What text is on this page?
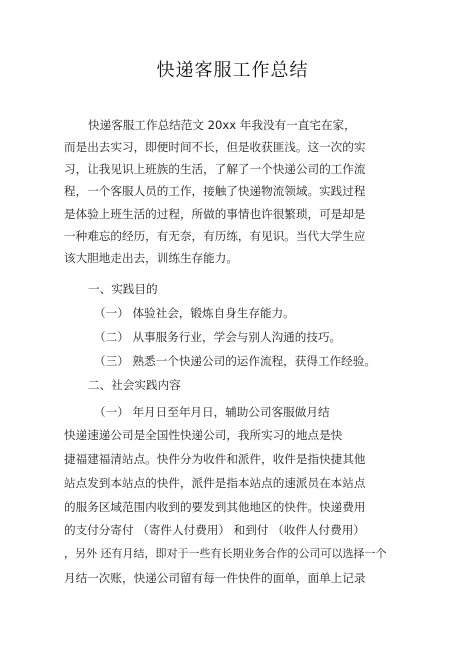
快递客服工作总结
快递客服工作总结范文 20xx 年我没有一直宅在家，
而是出去实习，即便时间不长，但是收获匪浅。这一次的实
习，让我见识上班族的生活，了解了一个快递公司的工作流
程，一个客服人员的工作，接触了快递物流领域。实践过程
是体验上班生活的过程，所做的事情也许很繁琐，可是却是
一种难忘的经历，有无奈，有历练，有见识。当代大学生应
该大胆地走出去，训练生存能力。
一、实践目的
（一） 体验社会，锻炼自身生存能力。
（二） 从事服务行业，学会与别人沟通的技巧。
（三） 熟悉一个快递公司的运作流程，获得工作经验。
二、社会实践内容
（一） 年月日至年月日，辅助公司客服做月结
快递速递公司是全国性快递公司，我所实习的地点是快
捷福建福清站点。快件分为收件和派件，收件是指快捷其他
站点发到本站点的快件，派件是指本站点的速派员在本站点
的服务区域范围内收到的要发到其他地区的快件。快递费用
的支付分寄付 （寄件人付费用） 和到付 （收件人付费用）
，另外 还有月结，即对于一些有长期业务合作的公司可以选择一个
月结一次账，快递公司留有每一件快件的面单，面单上记录
